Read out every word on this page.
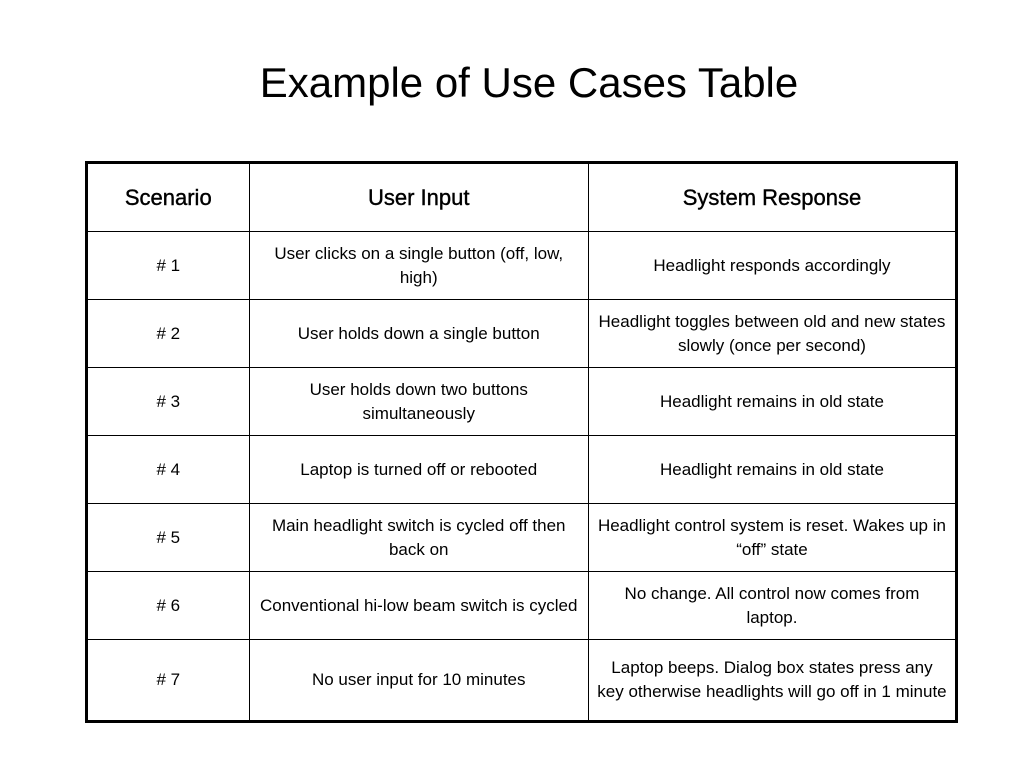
Example of Use Cases Table
Scenario	User Input	System Response
# 1	User clicks on a single button (off, low, high)	Headlight responds accordingly
# 2	User holds down a single button	Headlight toggles between old and new states slowly (once per second)
# 3	User holds down two buttons simultaneously	Headlight remains in old state
# 4	Laptop is turned off or rebooted	Headlight remains in old state
# 5	Main headlight switch is cycled off then back on	Headlight control system is reset. Wakes up in “off” state
# 6	Conventional hi-low beam switch is cycled	No change. All control now comes from laptop.
# 7	No user input for 10 minutes	Laptop beeps. Dialog box states press any key otherwise headlights will go off in 1 minute
